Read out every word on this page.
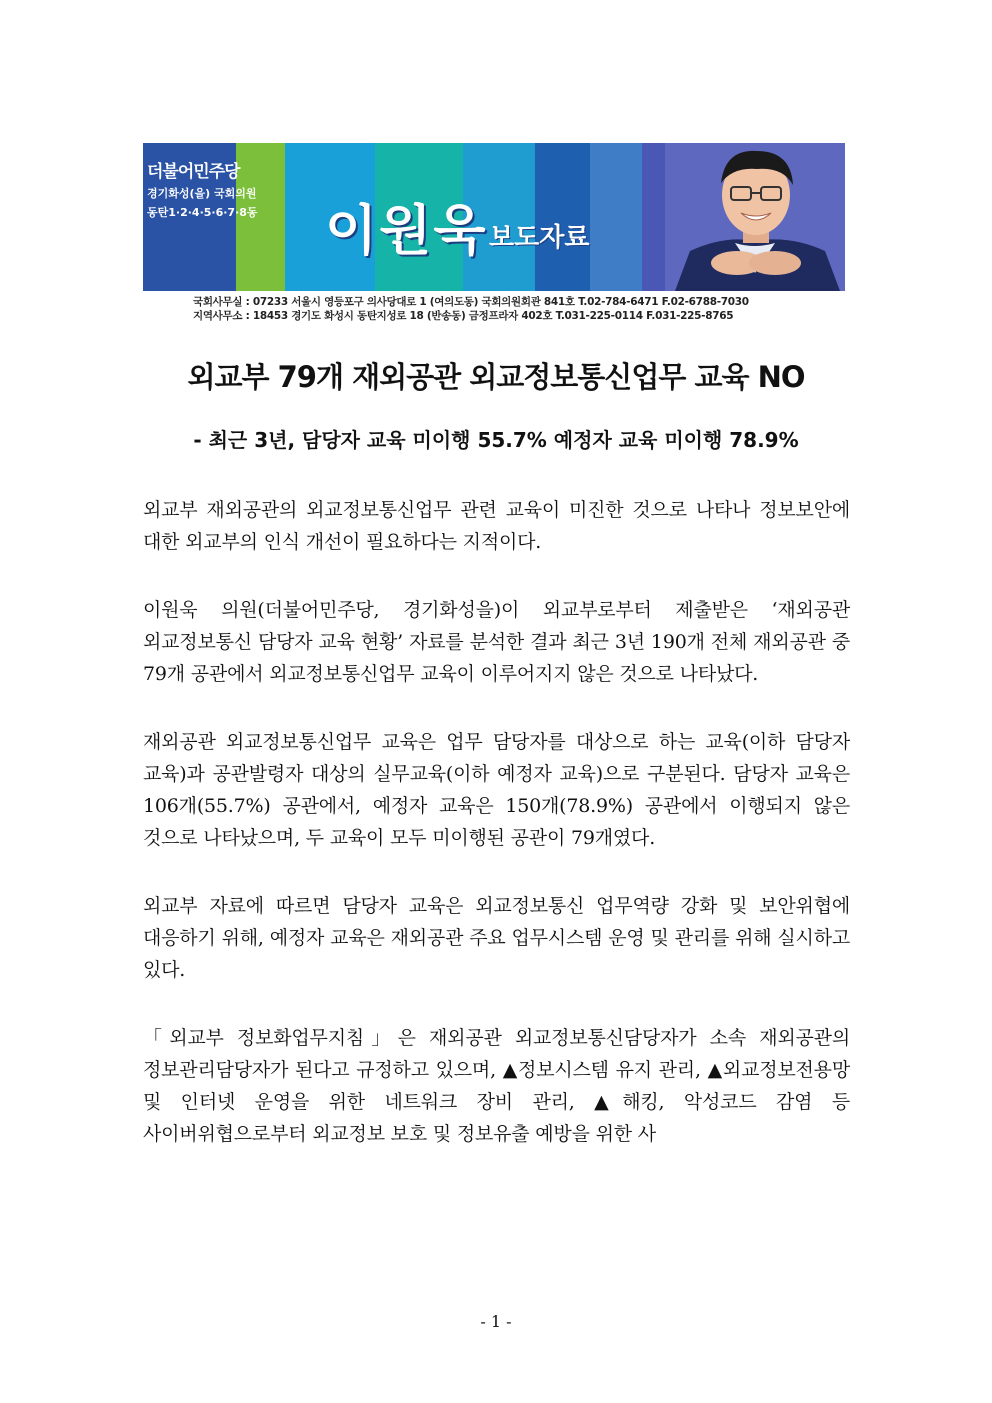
더불어민주당
경기화성(을) 국회의원
동탄1·2·4·5·6·7·8동 이원욱 보도자료
국회사무실 : 07233 서울시 영등포구 의사당대로 1 (여의도동) 국회의원회관 841호 T.02-784-6471 F.02-6788-7030
지역사무소 : 18453 경기도 화성시 동탄지성로 18 (반송동) 금정프라자 402호 T.031-225-0114 F.031-225-8765
외교부 79개 재외공관 외교정보통신업무 교육 NO
- 최근 3년, 담당자 교육 미이행 55.7% 예정자 교육 미이행 78.9%

외교부 재외공관의 외교정보통신업무 관련 교육이 미진한 것으로 나타나 정보보안에 대한 외교부의 인식 개선이 필요하다는 지적이다.

이원욱 의원(더불어민주당, 경기화성을)이 외교부로부터 제출받은 ‘재외공관 외교정보통신 담당자 교육 현황’ 자료를 분석한 결과 최근 3년 190개 전체 재외공관 중 79개 공관에서 외교정보통신업무 교육이 이루어지지 않은 것으로 나타났다.

재외공관 외교정보통신업무 교육은 업무 담당자를 대상으로 하는 교육(이하 담당자 교육)과 공관발령자 대상의 실무교육(이하 예정자 교육)으로 구분된다. 담당자 교육은 106개(55.7%) 공관에서, 예정자 교육은 150개(78.9%) 공관에서 이행되지 않은 것으로 나타났으며, 두 교육이 모두 미이행된 공관이 79개였다.

외교부 자료에 따르면 담당자 교육은 외교정보통신 업무역량 강화 및 보안위협에 대응하기 위해, 예정자 교육은 재외공관 주요 업무시스템 운영 및 관리를 위해 실시하고 있다.

「외교부 정보화업무지침」은 재외공관 외교정보통신담당자가 소속 재외공관의 정보관리담당자가 된다고 규정하고 있으며, ▲정보시스템 유지 관리, ▲외교정보전용망 및 인터넷 운영을 위한 네트워크 장비 관리, ▲해킹, 악성코드 감염 등 사이버위협으로부터 외교정보 보호 및 정보유출 예방을 위한 사

- 1 -
